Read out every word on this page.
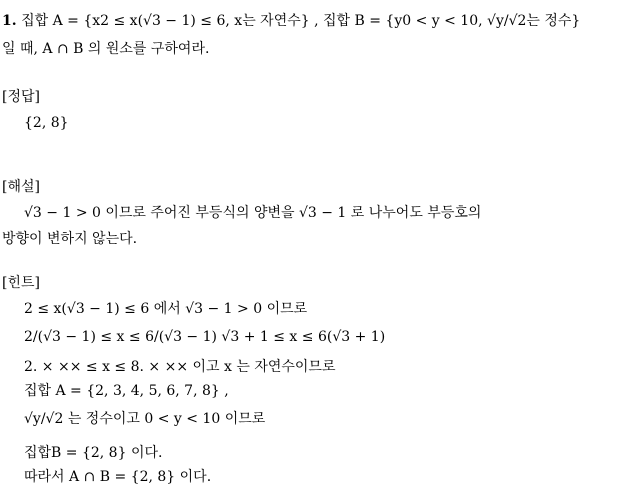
1. 집합 A = {x2 ≤ x(√3 − 1) ≤ 6, x는 자연수} , 집합 B = {y0 < y < 10, √y/√2는 정수}
일 때, A ∩ B 의 원소를 구하여라.
[정답]
{2, 8}
[해설]
√3 − 1 > 0 이므로 주어진 부등식의 양변을 √3 − 1 로 나누어도 부등호의
방향이 변하지 않는다.
[힌트]
2 ≤ x(√3 − 1) ≤ 6 에서 √3 − 1 > 0 이므로
2/(√3 − 1) ≤ x ≤ 6/(√3 − 1) √3 + 1 ≤ x ≤ 6(√3 + 1)
2. × ×× ≤ x ≤ 8. × ×× 이고 x 는 자연수이므로
집합 A = {2, 3, 4, 5, 6, 7, 8} ,
√y/√2 는 정수이고 0 < y < 10 이므로
집합B = {2, 8} 이다.
따라서 A ∩ B = {2, 8} 이다.
